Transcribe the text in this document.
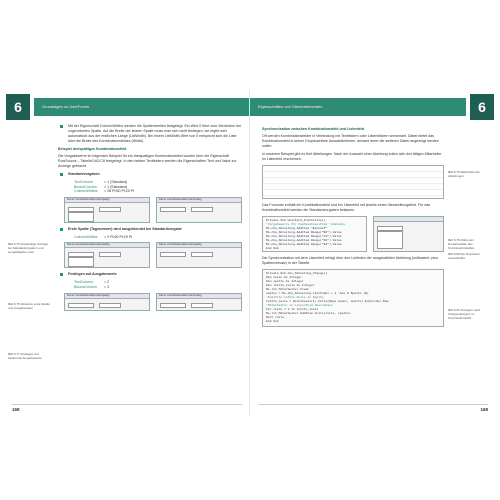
6	Grundlagen zu UserForms
Bild 6.75 Dreispaltige Anzeige bei Standardvorgaben und ausgeklappter Liste
Bild 6.76 Verdecke erste Spalte und Ausgabewerte
Bild 6.77 Festlegen auf bestimmte Ausgabewerte
Mit der Eigenschaft ColumnWidths werden die Spaltenbreiten festgelegt. Ein Wert 0 führt zum Verdecken der zugeordneten Spalte. Auf die Breite der letzten Spalte muss man sich nicht festlegen; sie ergibt sich automatisch aus der restlichen Länge (ListWidth). Bei einem ListWidth-Wert von 0 entspricht sich die Liste über die Breite des Kombinationsfeldes (Width).
Beispiel dreispaltiges Kombinationsfeld
Die Vorgabewerte im folgenden Beispiel für ein dreispaltiges Kombinationsfeld wurden über die Eigenschaft RowSource – Tabelle1!A2:C8 festgelegt. In den beiden Textfeldern werden die Eigenschaften Text und Value zur Anzeige gebracht.
Standardvorgaben
TextColumn	= 1 (Standard)
BoundColumn	= 1 (Standard)
ColumnWidths	= 28 Pt;60 Pt;20 Pt
Demo: Kombinationsfeld mehrspaltig	Demo: Kombinationsfeld mehrspaltig
Erste Spalte (Tagnummer) wird ausgeblendet bei Standardvorgabe
ColumnWidths	= 0 Pt;60 Pt;20 Pt
Demo: Kombinationsfeld mehrspaltig	Demo: Kombinationsfeld mehrspaltig
Festlegen auf Ausgabewerte
TextColumn	= 2
BoundColumn	= 3
Demo: Kombinationsfeld mehrspaltig	Demo: Kombinationsfeld mehrspaltig
168
6
Eigenschaften von Steuerelementen
Bild 6.78 Mitarbeiter der Abteilungen
Bild 6.79 Füllen der Dropdownliste des Kombinationsfeldes
Bild 6.80 Die Dropdown-Auswahl-Box
Bild 6.81 Anzeigen nach Change-Ereignis im Kombinationsfeld
Synchronisation zwischen Kombinationsfeld und Listenfeld
Oft werden Kombinationsfelder in Verbindung mit Textfeldern oder Listenfeldern verwendet. Dabei bietet das Kombinationsfeld in seiner Dropdownliste Auswahlkriterien, anhand derer die weiteren Daten angezeigt werden sollen.
In unserem Beispiel gibt es fünf Abteilungen. Nach der Auswahl einer Abteilung sollen alle dort tätigen Mitarbeiter im Listenfeld erscheinen.
Das Formular enthält ein Kombinationsfeld und ein Listenfeld mit jeweils einem Beschriftungsfeld. Für das Kombinationsfeld werden die Standardvorgaben belassen.
Private Sub UserForm_Initialize()
'Vorgabewerte für Kombinationsfeld 'Combobox
Me.cbo_Abteilung.AddItem "Einkauf"
Me.cbo_Abteilung.AddItem Range("B1").Value
Me.cbo_Abteilung.AddItem Range("C1").Value
Me.cbo_Abteilung.AddItem Range("D1").Value
Me.cbo_Abteilung.AddItem Range("E1").Value
End Sub
Die Synchronisation mit dem Listenfeld erfolgt über den ListIndex der ausgewählten Abteilung (nullbasiert, plus Spaltenversatz) in der Tabelle.
Private Sub cbo_Abteilung_Change()
Dim zeile As Integer
Dim spalte As Integer
Dim letzte_zeile As Integer
Me.lst_Mitarbeiter.Clear
spalte = Me.cbo_Abteilung.ListIndex + 1 'Aus 0 Spalte (B)
'Ermittle letzte Zeile in Spalte
letzte_zeile = Worksheets(1).Cells(Rows.Count, spalte).End(xlUp).Row
'Mitarbeiter in Listenfeld übernehmen
For zeile = 2 To letzte_zeile
Me.lst_Mitarbeiter.AddItem Cells(zeile, spalte)
Next zeile
End Sub
168
